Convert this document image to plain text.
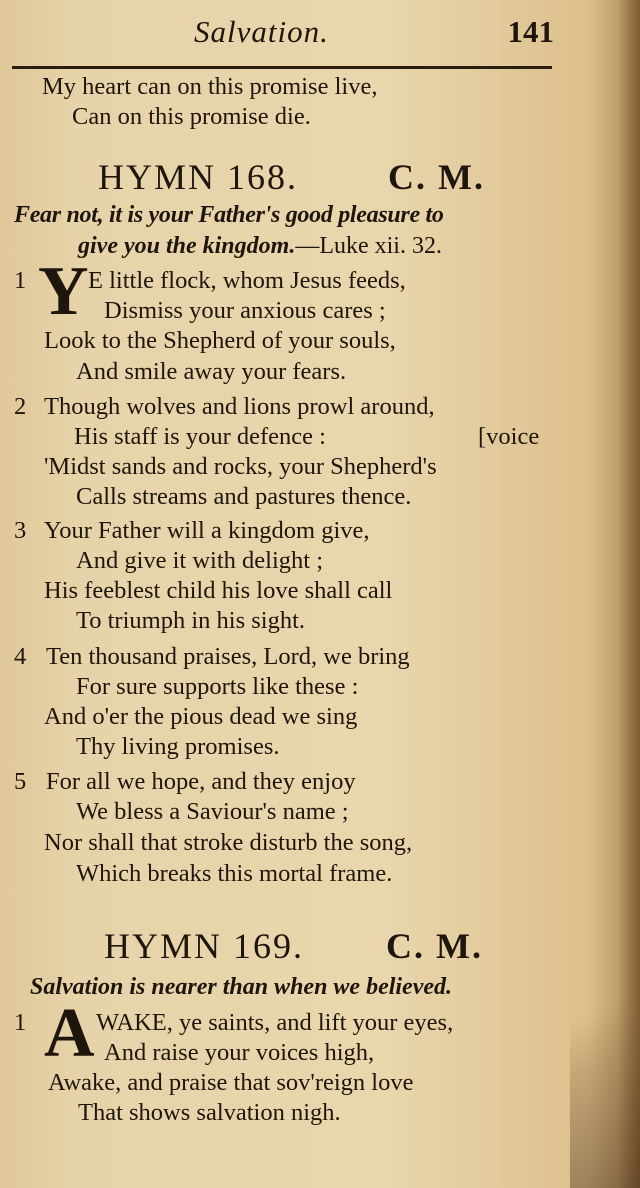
Salvation.	141
My heart can on this promise live,
Can on this promise die.
HYMN 168. C. M.
Fear not, it is your Father's good pleasure to
give you the kingdom.—Luke xii. 32.
1 Y E little flock, whom Jesus feeds,
Dismiss your anxious cares ;
Look to the Shepherd of your souls,
And smile away your fears.
2 Though wolves and lions prowl around,
His staff is your defence :	[voice
'Midst sands and rocks, your Shepherd's
Calls streams and pastures thence.
3 Your Father will a kingdom give,
And give it with delight ;
His feeblest child his love shall call
To triumph in his sight.
4 Ten thousand praises, Lord, we bring
For sure supports like these :
And o'er the pious dead we sing
Thy living promises.
5 For all we hope, and they enjoy
We bless a Saviour's name ;
Nor shall that stroke disturb the song,
Which breaks this mortal frame.
HYMN 169. C. M.
Salvation is nearer than when we believed.
1 A WAKE, ye saints, and lift your eyes,
And raise your voices high,
Awake, and praise that sov'reign love
That shows salvation nigh.
